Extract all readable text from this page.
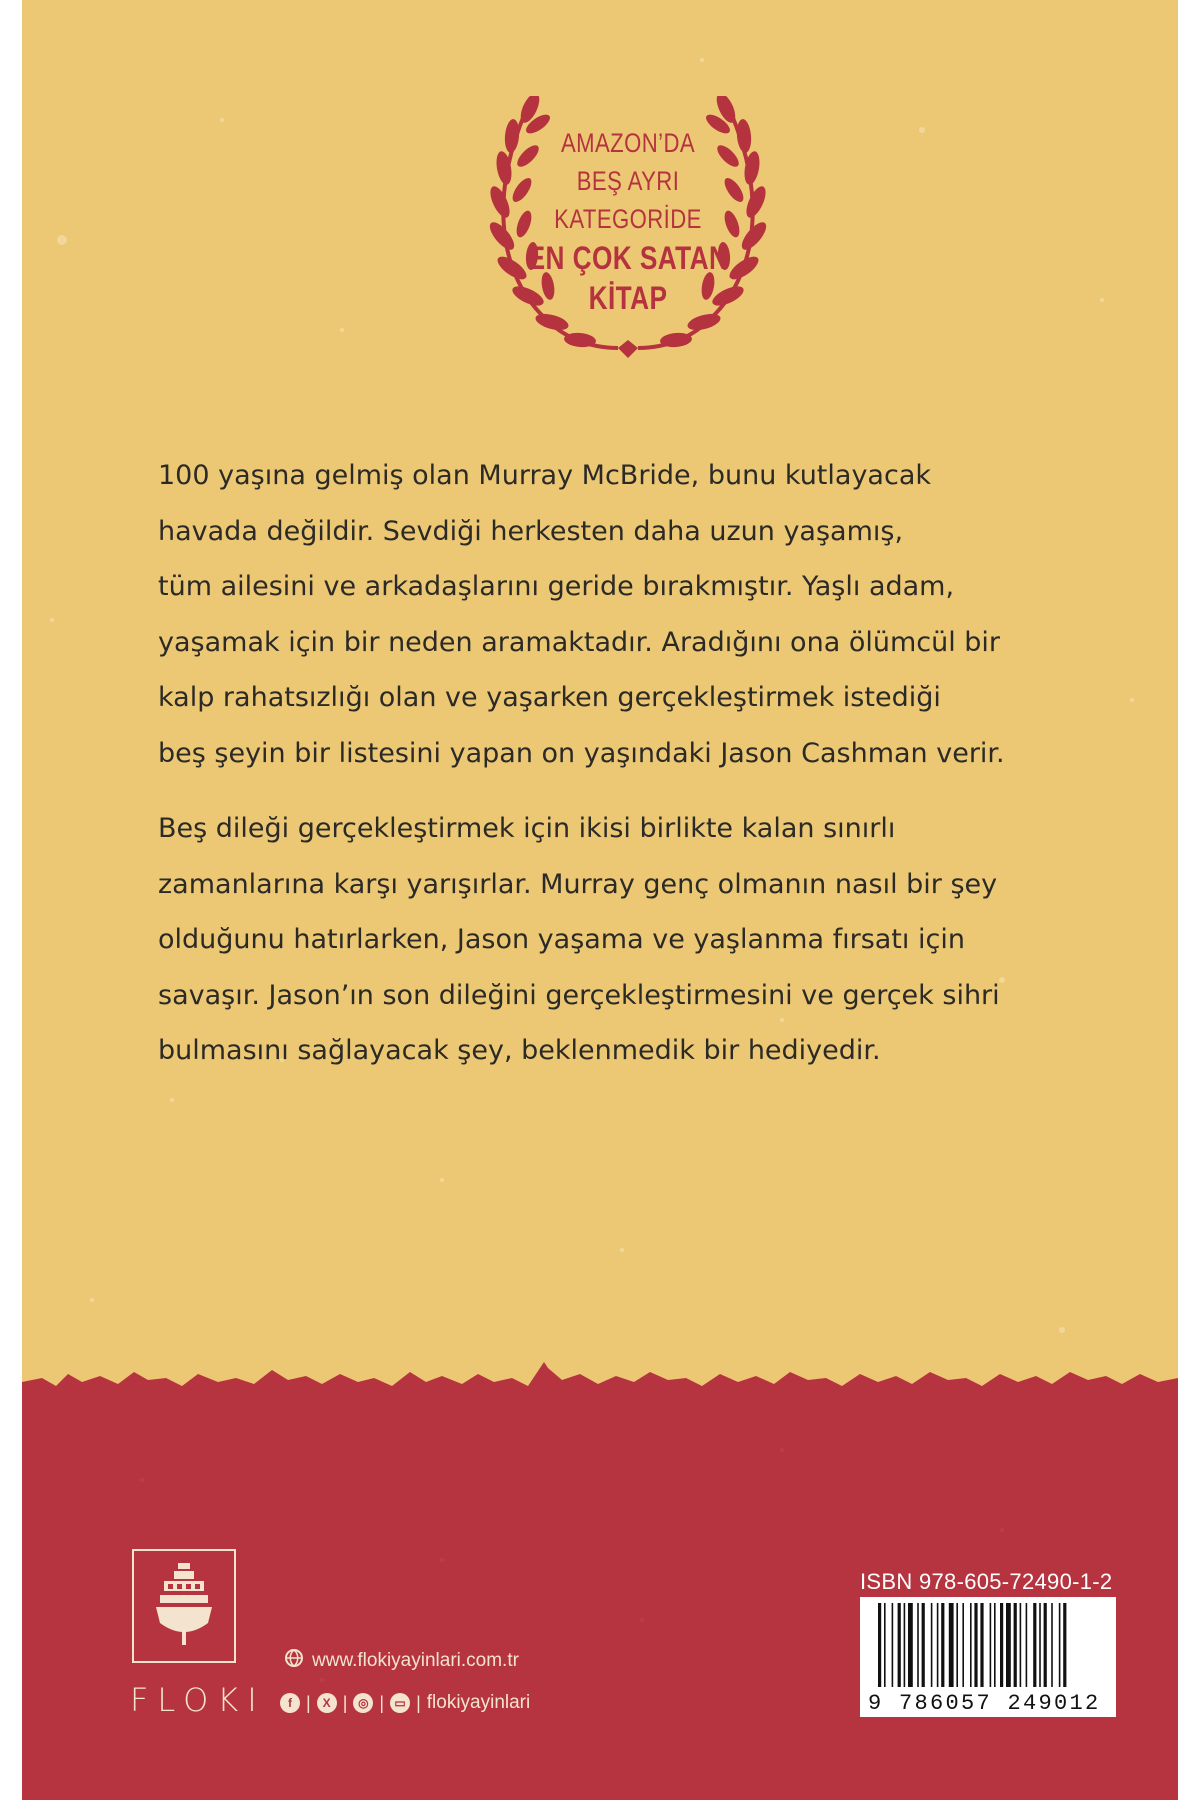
AMAZON’DA
BEŞ AYRI
KATEGORİDE
EN ÇOK SATAN
KİTAP

100 yaşına gelmiş olan Murray McBride, bunu kutlayacak
havada değildir. Sevdiği herkesten daha uzun yaşamış,
tüm ailesini ve arkadaşlarını geride bırakmıştır. Yaşlı adam,
yaşamak için bir neden aramaktadır. Aradığını ona ölümcül bir
kalp rahatsızlığı olan ve yaşarken gerçekleştirmek istediği
beş şeyin bir listesini yapan on yaşındaki Jason Cashman verir.

Beş dileği gerçekleştirmek için ikisi birlikte kalan sınırlı
zamanlarına karşı yarışırlar. Murray genç olmanın nasıl bir şey
olduğunu hatırlarken, Jason yaşama ve yaşlanma fırsatı için
savaşır. Jason’ın son dileğini gerçekleştirmesini ve gerçek sihri
bulmasını sağlayacak şey, beklenmedik bir hediyedir.

FLOKI
www.flokiyayinlari.com.tr
f | X | ◎ | ▭ | flokiyayinlari
ISBN 978-605-72490-1-2
9 786057 249012
